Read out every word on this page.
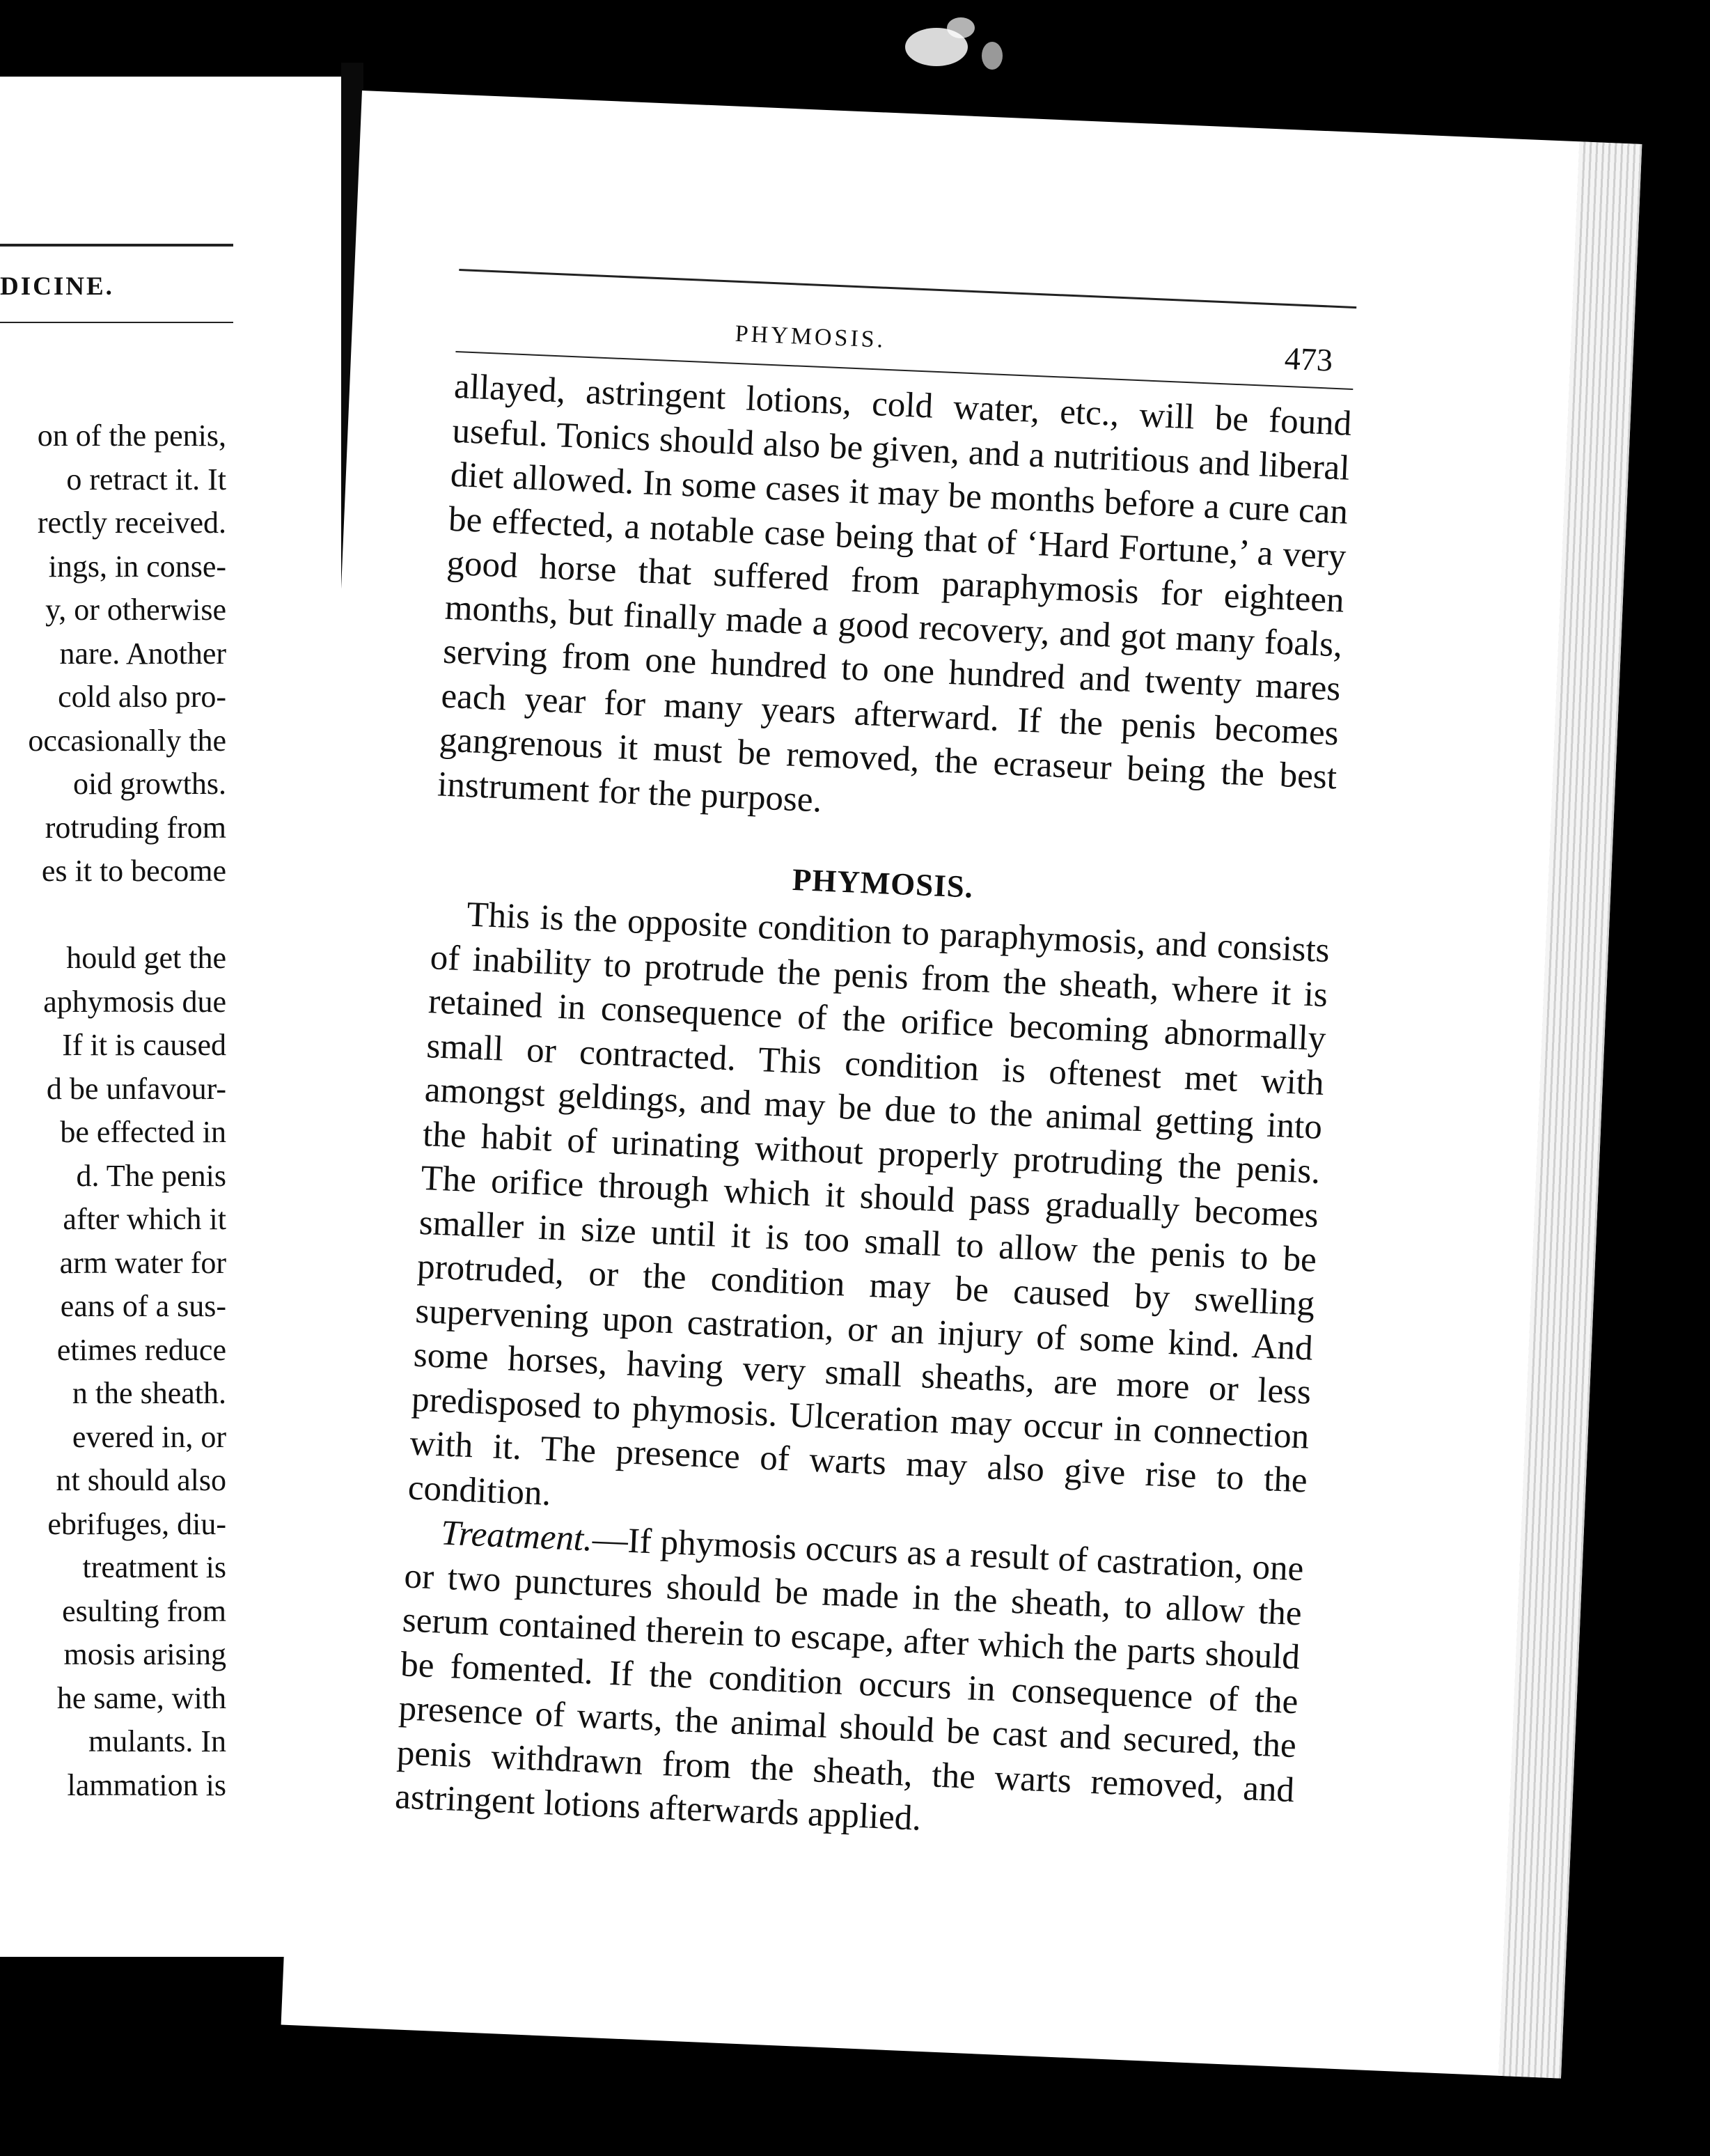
DICINE.
on of the penis,
o retract it. It
rectly received.
ings, in conse-
y, or otherwise
nare. Another
cold also pro-
occasionally the
oid growths.
rotruding from
es it to become
hould get the
aphymosis due
If it is caused
d be unfavour-
be effected in
d. The penis
after which it
arm water for
eans of a sus-
etimes reduce
n the sheath.
evered in, or
nt should also
ebrifuges, diu-
treatment is
esulting from
mosis arising
he same, with
mulants. In
lammation is
PHYMOSIS.
473

allayed, astringent lotions, cold water, etc., will be found useful. Tonics should also be given, and a nutritious and liberal diet allowed. In some cases it may be months before a cure can be effected, a notable case being that of ‘Hard Fortune,’ a very good horse that suffered from paraphymosis for eighteen months, but finally made a good recovery, and got many foals, serving from one hundred to one hundred and twenty mares each year for many years afterward. If the penis becomes gangrenous it must be removed, the ecraseur being the best instrument for the purpose.

PHYMOSIS.

This is the opposite condition to paraphymosis, and consists of inability to protrude the penis from the sheath, where it is retained in consequence of the orifice becoming abnormally small or contracted. This condition is oftenest met with amongst geldings, and may be due to the animal getting into the habit of urinating without properly protruding the penis. The orifice through which it should pass gradually becomes smaller in size until it is too small to allow the penis to be protruded, or the condition may be caused by swelling supervening upon castration, or an injury of some kind. And some horses, having very small sheaths, are more or less predisposed to phymosis. Ulceration may occur in connection with it. The presence of warts may also give rise to the condition.

Treatment.—If phymosis occurs as a result of castration, one or two punctures should be made in the sheath, to allow the serum contained therein to escape, after which the parts should be fomented. If the condition occurs in consequence of the presence of warts, the animal should be cast and secured, the penis withdrawn from the sheath, the warts removed, and astringent lotions afterwards applied.
